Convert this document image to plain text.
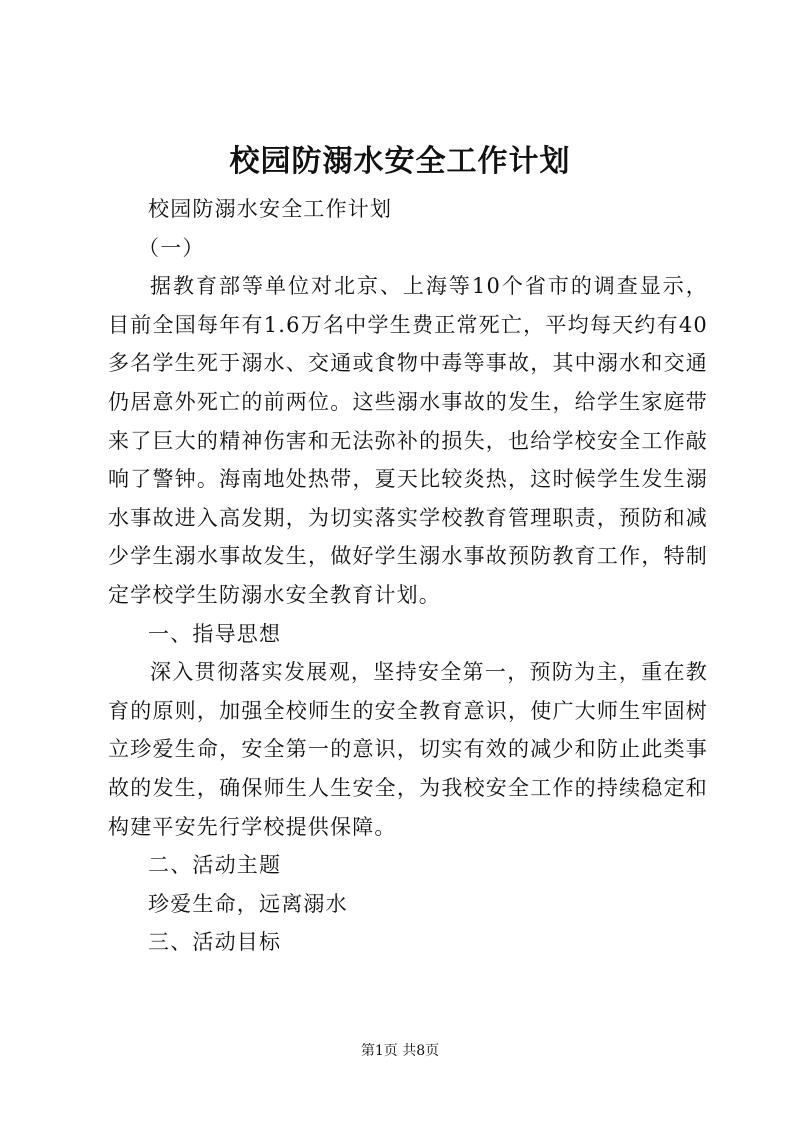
校园防溺水安全工作计划

校园防溺水安全工作计划

（一）

据教育部等单位对北京、上海等10个省市的调查显示，目前全国每年有1.6万名中学生费正常死亡，平均每天约有40多名学生死于溺水、交通或食物中毒等事故，其中溺水和交通仍居意外死亡的前两位。这些溺水事故的发生，给学生家庭带来了巨大的精神伤害和无法弥补的损失，也给学校安全工作敲响了警钟。海南地处热带，夏天比较炎热，这时候学生发生溺水事故进入高发期，为切实落实学校教育管理职责，预防和减少学生溺水事故发生，做好学生溺水事故预防教育工作，特制定学校学生防溺水安全教育计划。

一、指导思想

深入贯彻落实发展观，坚持安全第一，预防为主，重在教育的原则，加强全校师生的安全教育意识，使广大师生牢固树立珍爱生命，安全第一的意识，切实有效的减少和防止此类事故的发生，确保师生人生安全，为我校安全工作的持续稳定和构建平安先行学校提供保障。

二、活动主题

珍爱生命，远离溺水

三、活动目标

第1页 共8页
